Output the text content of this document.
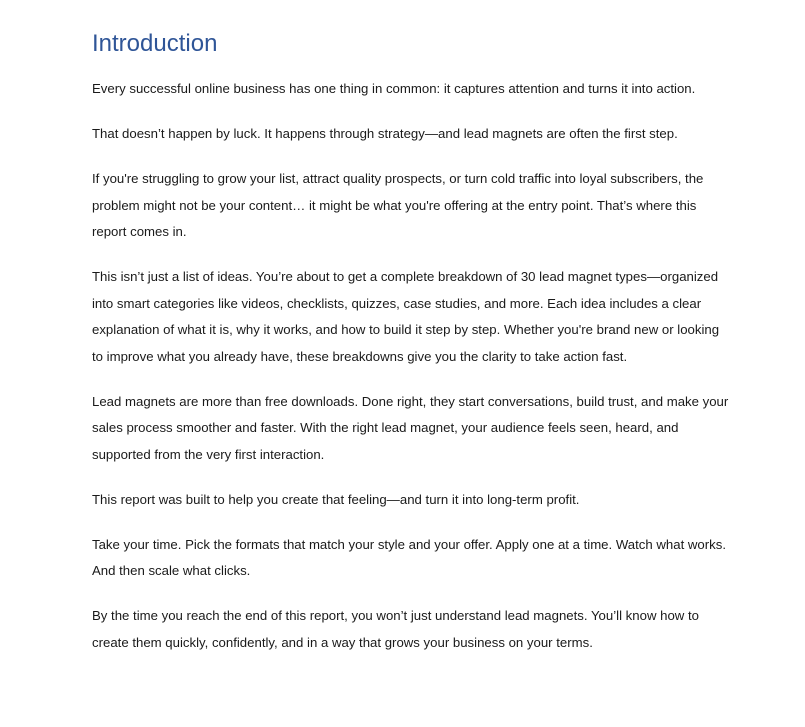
Introduction

Every successful online business has one thing in common: it captures attention and turns it into action.

That doesn’t happen by luck. It happens through strategy—and lead magnets are often the first step.

If you're struggling to grow your list, attract quality prospects, or turn cold traffic into loyal subscribers, the problem might not be your content… it might be what you're offering at the entry point. That’s where this report comes in.

This isn’t just a list of ideas. You’re about to get a complete breakdown of 30 lead magnet types—organized into smart categories like videos, checklists, quizzes, case studies, and more. Each idea includes a clear explanation of what it is, why it works, and how to build it step by step. Whether you're brand new or looking to improve what you already have, these breakdowns give you the clarity to take action fast.

Lead magnets are more than free downloads. Done right, they start conversations, build trust, and make your sales process smoother and faster. With the right lead magnet, your audience feels seen, heard, and supported from the very first interaction.

This report was built to help you create that feeling—and turn it into long-term profit.

Take your time. Pick the formats that match your style and your offer. Apply one at a time. Watch what works. And then scale what clicks.

By the time you reach the end of this report, you won’t just understand lead magnets. You’ll know how to create them quickly, confidently, and in a way that grows your business on your terms.
